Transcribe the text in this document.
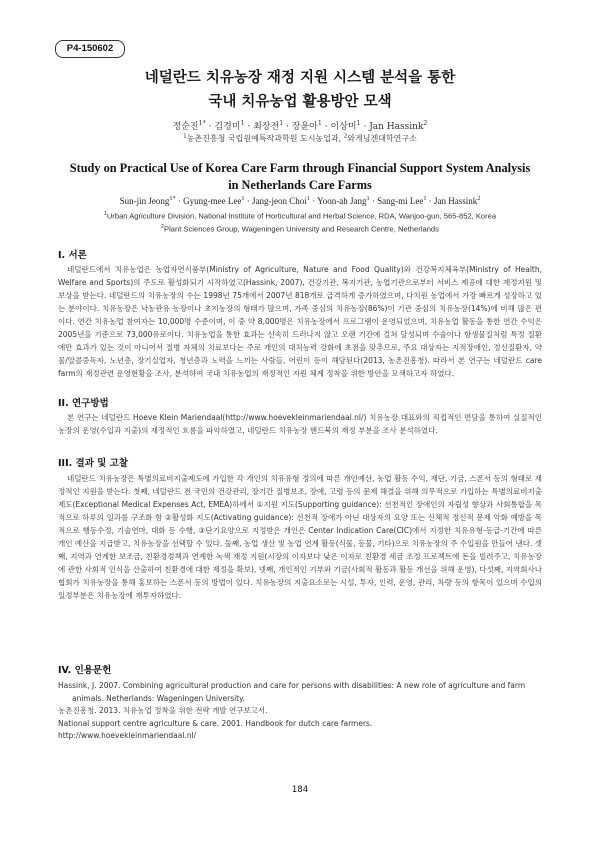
P4-150602
네덜란드 치유농장 재정 지원 시스템 분석을 통한
국내 치유농업 활용방안 모색
정순진$^{1*}$ · 김경미$^1$ · 최장전$^1$ · 장윤아$^1$ · 이상미$^1$ · Jan Hassink$^2$
$^1$농촌진흥청 국립원예특작과학원 도시농업과, $^2$와게닝겐대학연구소
Study on Practical Use of Korea Care Farm through Financial Support System Analysis
in Netherlands Care Farms
Sun-jin Jeong$^{1*}$ · Gyung-mee Lee$^1$ · Jang-jeon Choi$^1$ · Yoon-ah Jang$^1$ · Sang-mi Lee$^1$ · Jan Hassink$^2$
$^1$Urban Agriculture Division, National Institute of Horticultural and Herbal Science, RDA, Wanjoo-gun, 565-852, Korea
$^2$Plant Sciences Group, Wageningen University and Research Centre, Netherlands
I. 서론

네덜란드에서 치유농업은 농업자연식품부(Ministry of Agriculture, Nature and Food Quality)와 건강복지체육부(Ministry of Health, Welfare and Sports)의 주도로 활성화되기 시작하였고(Hassink, 2007), 건강기관, 복지기관, 농업기관으로부터 서비스 제공에 대한 재정지원 및 보상을 받는다. 네덜란드의 치유농장의 수는 1998년 75개에서 2007년 818개로 급격하게 증가하였으며, 다치원 농업에서 가장 빠르게 성장하고 있는 분야이다. 치유농장은 낙농관유 농장이나 초지농장의 형태가 많으며, 가족 중심의 치유농장(86%)이 기관 중심의 치유농장(14%)에 비해 많은 편이다. 연간 치유농업 참여자는 10,000명 수준이며, 이 중 약 8,000명은 치유농장에서 프로그램이 운영되었으며, 치유농업 활동을 통한 연간 수익은 2005년을 기준으로 73,000유로이다. 치유농업을 통한 효과는 신속히 드러나지 않고 오랜 기간에 걸쳐 달성되며 수술이나 항생물질처럼 특정 질환에만 효과가 있는 것이 아니어서 질병 자체의 치료보다는 주로 개인의 대처능력 강화에 초점을 맞추므로, 주요 대상자는 지적장애인, 정신질환자, 약물/알콜중독자, 노년층, 장기실업자, 청년층과 노력을 느끼는 사람들, 어린이 등이 해당된다(2013, 농촌진흥청). 따라서 본 연구는 네덜란드 care farm의 재정관련 운영현황을 조사, 분석하여 국내 치유농업의 재정적인 지원 체계 정착을 위한 방안을 모색하고자 하였다.

II. 연구방법

본 연구는 네덜란드 Hoeve Klein Mariendaal(http://www.hoevekleinmariendaal.nl/) 치유농장 대표와의 직접적인 면담을 통하여 실질적인 농장의 운영(수입과 지출)의 재정적인 흐름을 파악하였고, 네덜란드 치유농장 핸드북의 재정 부분을 조사 분석하였다.

III. 결과 및 고찰

네덜란드 치유농장은 특별의료비지출제도에 가입한 각 개인의 치유유형 정의에 따른 개인예산, 농업 활동 수익, 재단, 기금, 스폰서 등의 형태로 재정적인 지원을 받는다. 첫째, 네덜란드 전 국민의 건강관리, 장기간 질병보조, 장애, 고령 등의 문제 해결을 위해 의무적으로 가입하는 특별의료비지출제도(Exceptional Medical Expenses Act, EMEA)하에서 ①지원 지도(Supporting guidance): 선천적인 장애인의 자립성 향상과 사회통합을 목적으로 하루의 일과를 구조화 함 ②활성화 지도(Activating guidance): 선천적 장애가 아닌 대상자의 요양 또는 신체적 정신적 문제 악화 예방을 목적으로 행동수정, 기술연마, 대화 등 수행, ③단기요양으로 지정받은 개인은 Center Indication Care(CIC)에서 지정한 치유유형-등급-기간에 따른 개인 예산을 지급받고, 치유농장을 선택할 수 있다. 둘째, 농업 생산 및 농업 연계 활동(식물, 동물, 기타)으로 치유농장의 주 수입원을 만들어 낸다. 셋째, 지역과 연계한 보조금, 친환경정책과 연계한 녹색 재정 지원(시장의 이자보다 낮은 이자로 친환경 세금 조정 프로젝트에 돈을 빌려주고, 치유농장에 관한 사회적 인식을 산출하여 친환경에 대한 재정을 확보), 넷째, 개인적인 기부와 기금(사회적 활동과 활동 개선을 위해 운영), 다섯째, 지역회사나 협회가 치유농장을 통해 홍보하는 스폰서 등의 방법이 있다. 치유농장의 지출요소로는 시설, 투자, 인력, 운영, 관리, 차량 등의 항목이 있으며 수입의 일정부분은 치유농장에 재투자하였다.

IV. 인용문헌

Hassink, J. 2007. Combining agricultural production and care for persons with disabilities: A new role of agriculture and farm animals. Netherlands: Wageningen University.

농촌진흥청. 2013. 치유농업 정착을 위한 전략 개발 연구보고서.

National support centre agriculture & care. 2001. Handbook for dutch care farmers.

http://www.hoevekleinmariendaal.nl/

184
